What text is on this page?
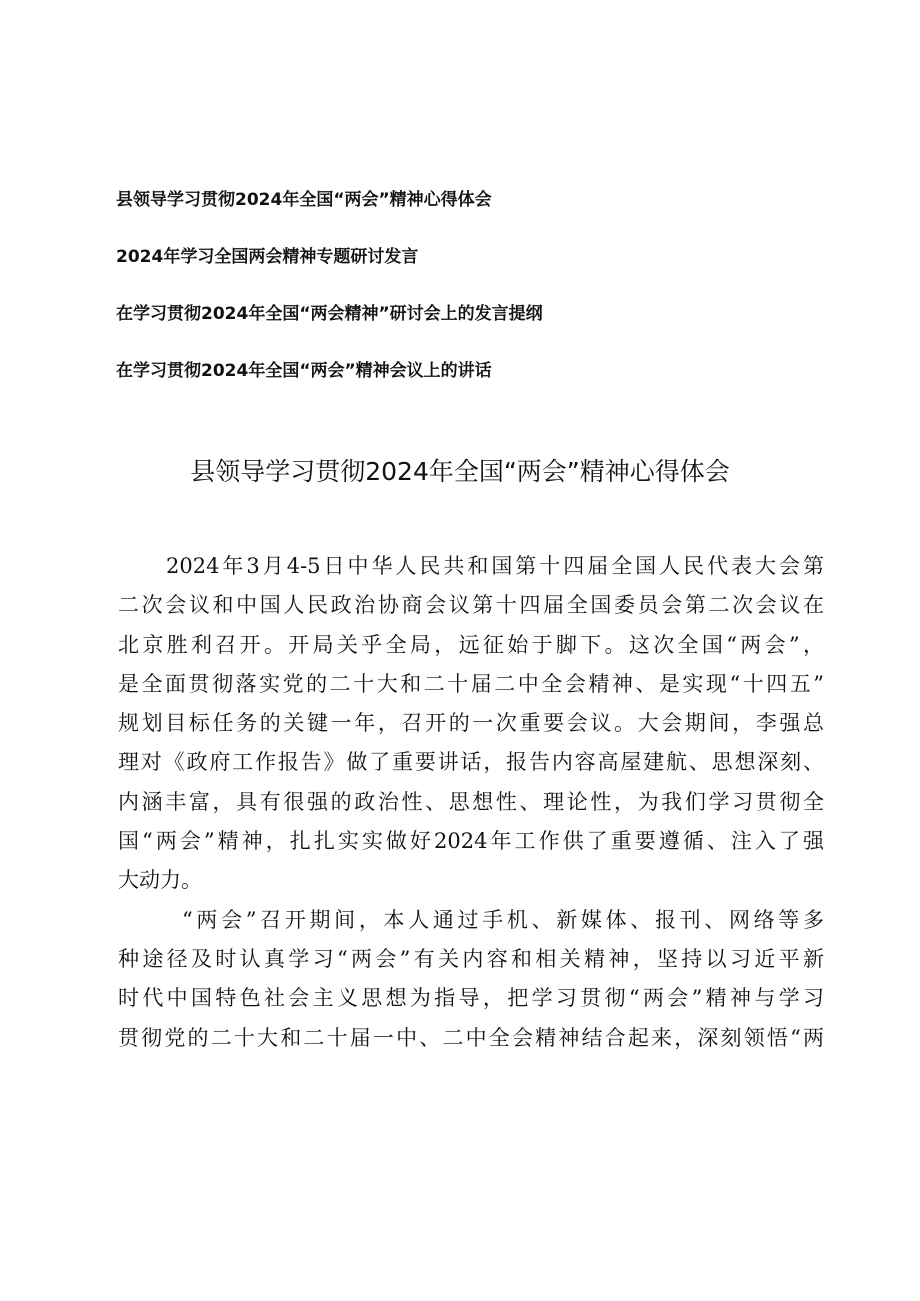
县领导学习贯彻2024年全国“两会”精神心得体会
2024年学习全国两会精神专题研讨发言
在学习贯彻2024年全国“两会精神”研讨会上的发言提纲
在学习贯彻2024年全国“两会”精神会议上的讲话
县领导学习贯彻2024年全国“两会”精神心得体会
2024年3月4-5日中华人民共和国第十四届全国人民代表大会第
二次会议和中国人民政治协商会议第十四届全国委员会第二次会议在
北京胜利召开。开局关乎全局，远征始于脚下。这次全国“两会”，
是全面贯彻落实党的二十大和二十届二中全会精神、是实现“十四五”
规划目标任务的关键一年，召开的一次重要会议。大会期间，李强总
理对《政府工作报告》做了重要讲话，报告内容高屋建航、思想深刻、
内涵丰富，具有很强的政治性、思想性、理论性，为我们学习贯彻全
国“两会”精神，扎扎实实做好2024年工作供了重要遵循、注入了强
大动力。
“两会”召开期间，本人通过手机、新媒体、报刊、网络等多
种途径及时认真学习“两会”有关内容和相关精神，坚持以习近平新
时代中国特色社会主义思想为指导，把学习贯彻“两会”精神与学习
贯彻党的二十大和二十届一中、二中全会精神结合起来，深刻领悟“两
